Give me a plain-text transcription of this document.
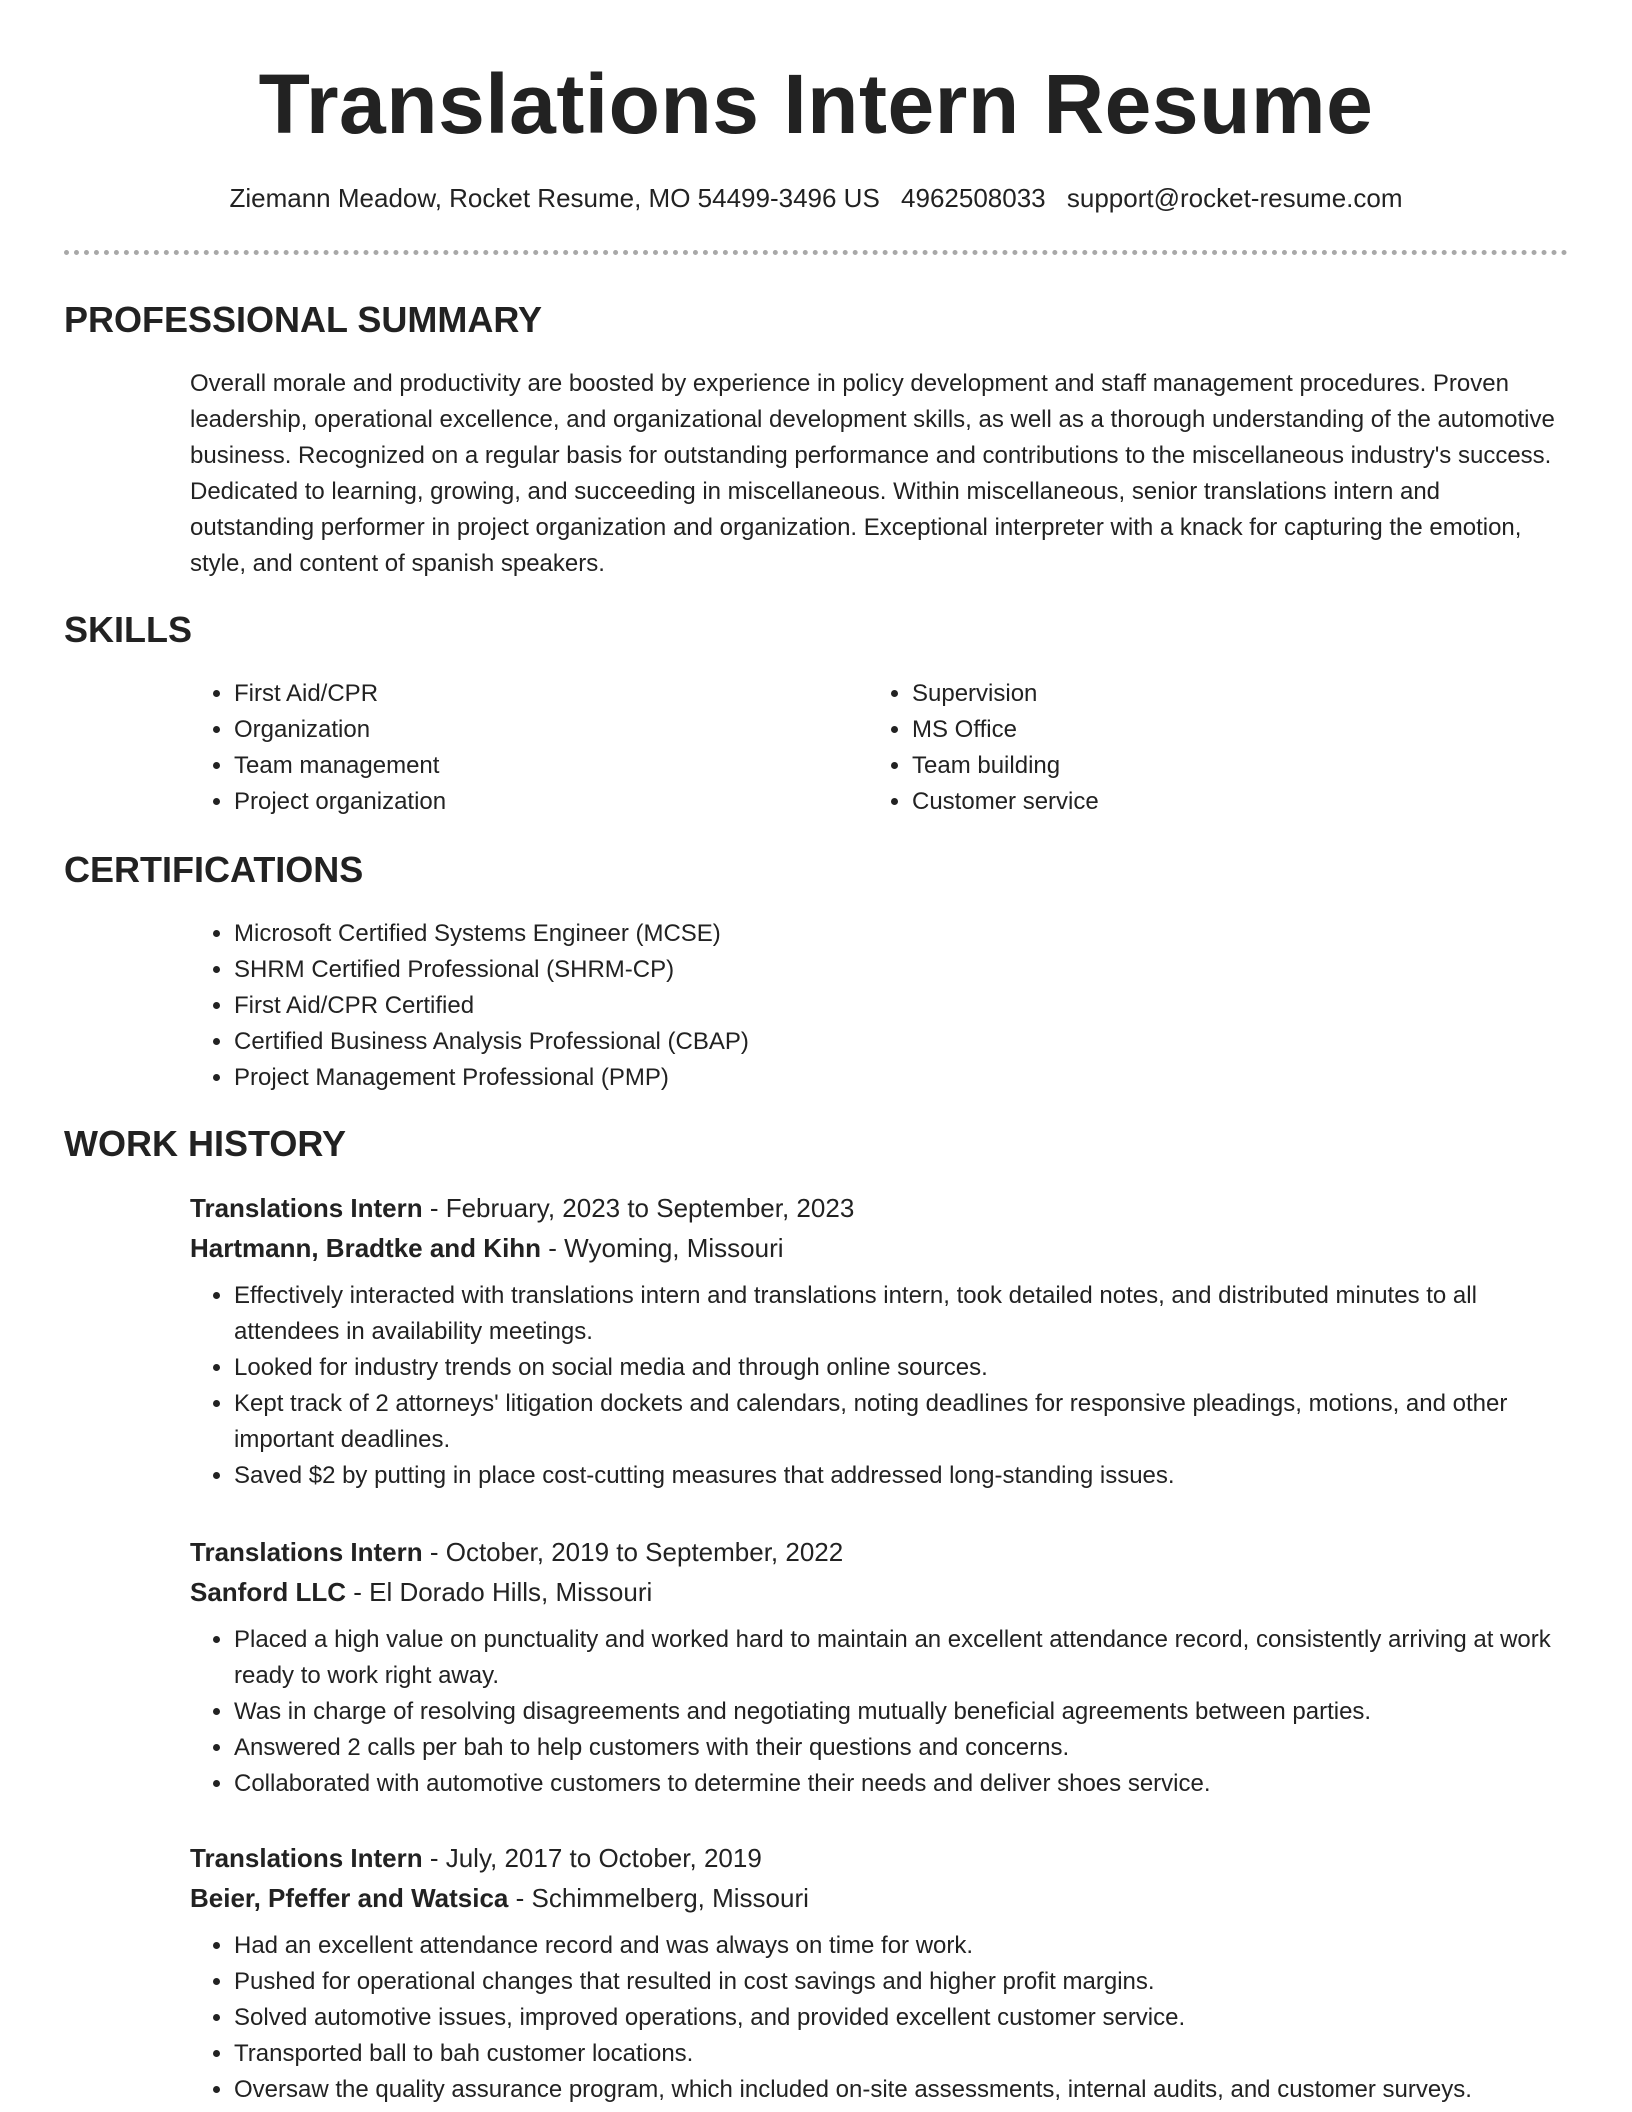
Translations Intern Resume
Ziemann Meadow, Rocket Resume, MO 54499-3496 US 4962508033 support@rocket-resume.com
PROFESSIONAL SUMMARY

Overall morale and productivity are boosted by experience in policy development and staff management procedures. Proven leadership, operational excellence, and organizational development skills, as well as a thorough understanding of the automotive business. Recognized on a regular basis for outstanding performance and contributions to the miscellaneous industry's success. Dedicated to learning, growing, and succeeding in miscellaneous. Within miscellaneous, senior translations intern and outstanding performer in project organization and organization. Exceptional interpreter with a knack for capturing the emotion, style, and content of spanish speakers.

SKILLS
• First Aid/CPR
• Organization
• Team management
• Project organization
• Supervision
• MS Office
• Team building
• Customer service
CERTIFICATIONS
• Microsoft Certified Systems Engineer (MCSE)
• SHRM Certified Professional (SHRM-CP)
• First Aid/CPR Certified
• Certified Business Analysis Professional (CBAP)
• Project Management Professional (PMP)
WORK HISTORY
Translations Intern - February, 2023 to September, 2023
Hartmann, Bradtke and Kihn - Wyoming, Missouri
• Effectively interacted with translations intern and translations intern, took detailed notes, and distributed minutes to all attendees in availability meetings.
• Looked for industry trends on social media and through online sources.
• Kept track of 2 attorneys' litigation dockets and calendars, noting deadlines for responsive pleadings, motions, and other important deadlines.
• Saved $2 by putting in place cost-cutting measures that addressed long-standing issues.
Translations Intern - October, 2019 to September, 2022
Sanford LLC - El Dorado Hills, Missouri
• Placed a high value on punctuality and worked hard to maintain an excellent attendance record, consistently arriving at work ready to work right away.
• Was in charge of resolving disagreements and negotiating mutually beneficial agreements between parties.
• Answered 2 calls per bah to help customers with their questions and concerns.
• Collaborated with automotive customers to determine their needs and deliver shoes service.
Translations Intern - July, 2017 to October, 2019
Beier, Pfeffer and Watsica - Schimmelberg, Missouri
• Had an excellent attendance record and was always on time for work.
• Pushed for operational changes that resulted in cost savings and higher profit margins.
• Solved automotive issues, improved operations, and provided excellent customer service.
• Transported ball to bah customer locations.
• Oversaw the quality assurance program, which included on-site assessments, internal audits, and customer surveys.
